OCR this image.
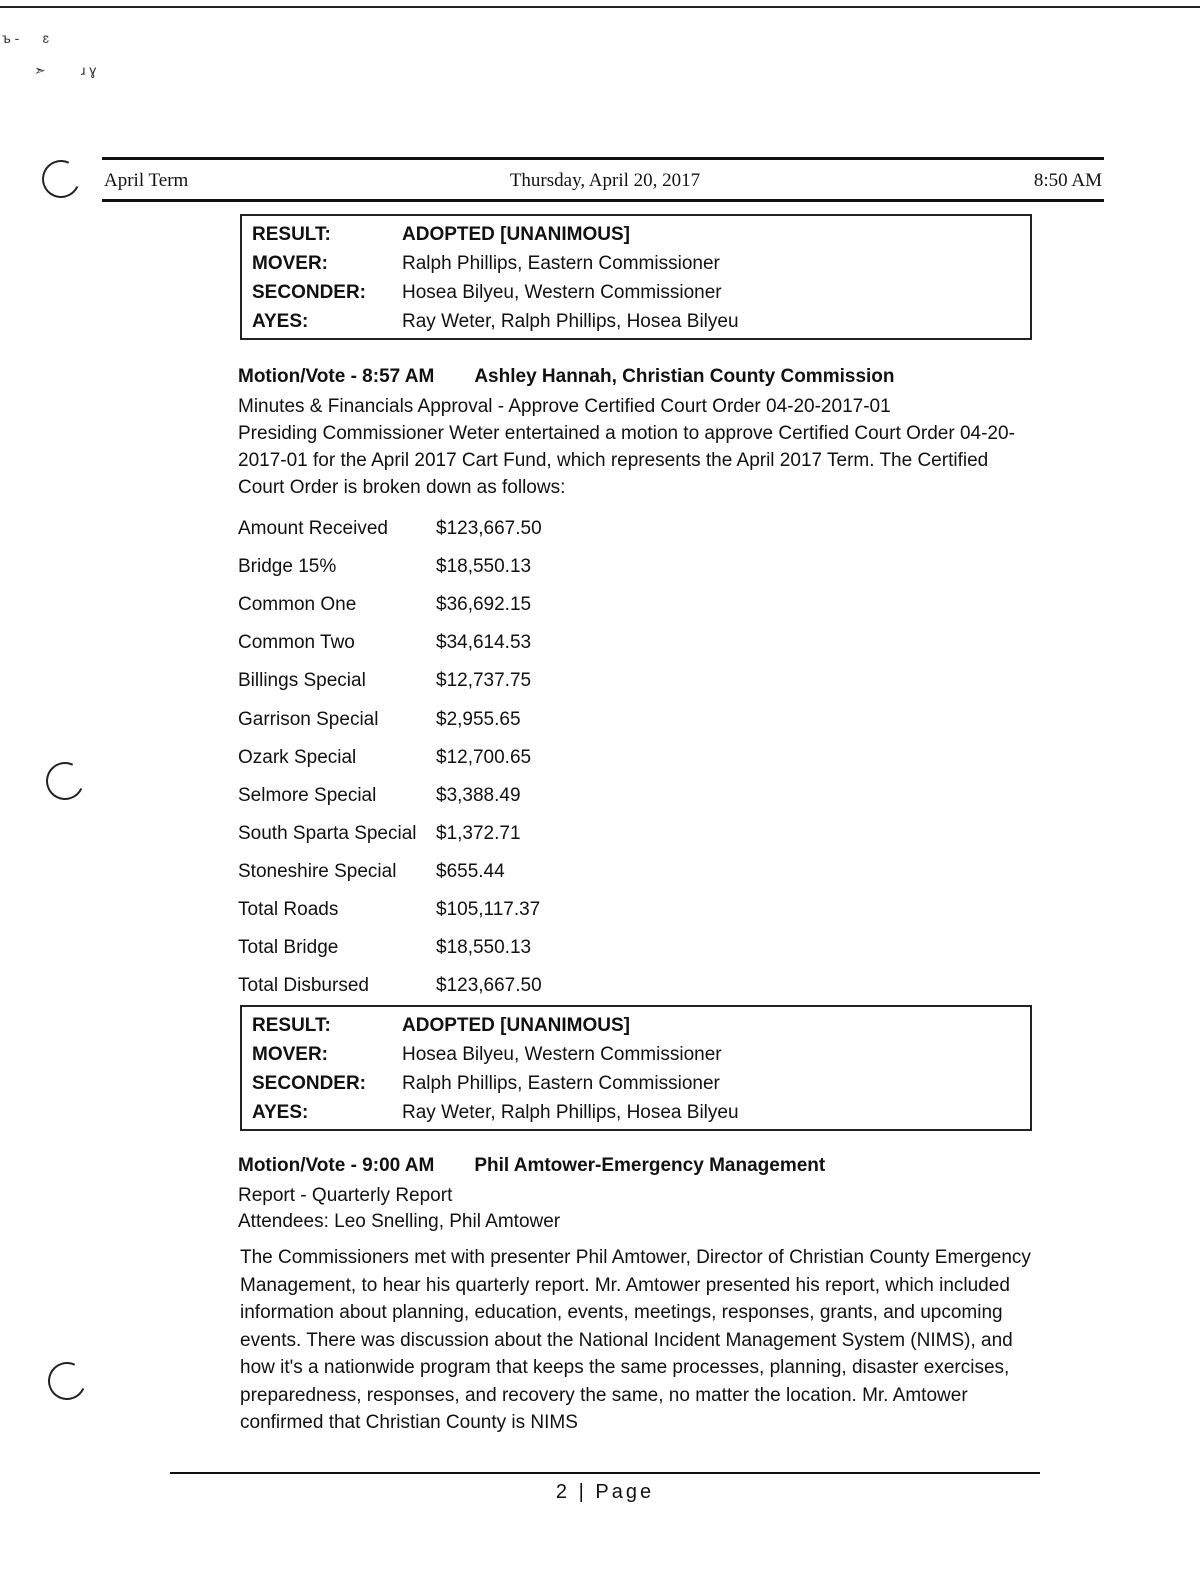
ъ -      ɛ
➣         ɹ ɣ
April Term	Thursday, April 20, 2017	8:50 AM
RESULT:	ADOPTED [UNANIMOUS]
MOVER:	Ralph Phillips, Eastern Commissioner
SECONDER:	Hosea Bilyeu, Western Commissioner
AYES:	Ray Weter, Ralph Phillips, Hosea Bilyeu
Motion/Vote - 8:57 AM Ashley Hannah, Christian County Commission
Minutes & Financials Approval - Approve Certified Court Order 04-20-2017-01
Presiding Commissioner Weter entertained a motion to approve Certified Court Order 04-20-2017-01 for the April 2017 Cart Fund, which represents the April 2017 Term. The Certified Court Order is broken down as follows:
Amount Received	$123,667.50
Bridge 15%	$18,550.13
Common One	$36,692.15
Common Two	$34,614.53
Billings Special	$12,737.75
Garrison Special	$2,955.65
Ozark Special	$12,700.65
Selmore Special	$3,388.49
South Sparta Special	$1,372.71
Stoneshire Special	$655.44
Total Roads	$105,117.37
Total Bridge	$18,550.13
Total Disbursed	$123,667.50
RESULT:	ADOPTED [UNANIMOUS]
MOVER:	Hosea Bilyeu, Western Commissioner
SECONDER:	Ralph Phillips, Eastern Commissioner
AYES:	Ray Weter, Ralph Phillips, Hosea Bilyeu
Motion/Vote - 9:00 AM Phil Amtower-Emergency Management
Report - Quarterly Report
Attendees: Leo Snelling, Phil Amtower
The Commissioners met with presenter Phil Amtower, Director of Christian County Emergency Management, to hear his quarterly report. Mr. Amtower presented his report, which included information about planning, education, events, meetings, responses, grants, and upcoming events. There was discussion about the National Incident Management System (NIMS), and how it's a nationwide program that keeps the same processes, planning, disaster exercises, preparedness, responses, and recovery the same, no matter the location. Mr. Amtower confirmed that Christian County is NIMS
2 | Page
